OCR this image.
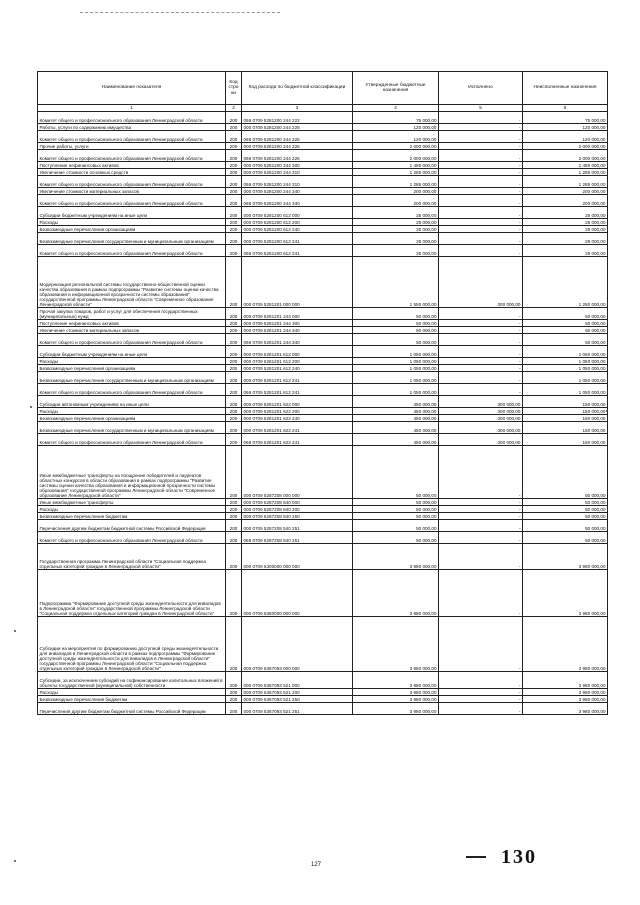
Наименование показателя	Код стро ки	Код расхода по бюджетной классификации	Утвержденные бюджетные назначения	Исполнено	Неисполненные назначения
1	2	3	4	5	6
Комитет общего и профессионального образования Ленинградской области	200	068 0709 5281200 244 222	75 000,00	-	75 000,00
Работы, услуги по содержанию имущества	200	000 0709 5281200 244 225	120 000,00	-	120 000,00
Комитет общего и профессионального образования Ленинградской области	200	068 0709 5281200 244 225	120 000,00	-	120 000,00
Прочие работы, услуги	200	000 0709 5281200 244 226	2 000 000,00	-	2 000 000,00
Комитет общего и профессионального образования Ленинградской области	200	068 0709 5281200 244 226	2 000 000,00	-	2 000 000,00
Поступление нефинансовых активов	200	000 0709 5281200 244 300	1 485 000,00	-	1 485 000,00
Увеличение стоимости основных средств	200	000 0709 5281200 244 310	1 285 000,00	-	1 285 000,00
Комитет общего и профессионального образования Ленинградской области	200	068 0709 5281200 244 310	1 285 000,00	-	1 285 000,00
Увеличение стоимости материальных запасов	200	000 0709 5281200 244 340	200 000,00	-	200 000,00
Комитет общего и профессионального образования Ленинградской области	200	068 0709 5281200 244 340	200 000,00	-	200 000,00
Субсидии бюджетным учреждениям на иные цели	200	000 0709 5281200 612 000	25 000,00	-	25 000,00
Расходы	200	000 0709 5281200 612 200	25 000,00	-	25 000,00
Безвозмездные перечисления организациям	200	000 0709 5281200 612 240	25 000,00	-	25 000,00
Безвозмездные перечисления государственным и муниципальным организациям	200	000 0709 5281200 612 241	25 000,00	-	25 000,00
Комитет общего и профессионального образования Ленинградской области	200	068 0709 5281200 612 241	25 000,00	-	25 000,00
Модернизация региональной системы государственно-общественной оценки качества образования в рамках подпрограммы "Развитие системы оценки качества образования и информационной прозрачности системы образования" государственной программы Ленинградской области "Современное образование Ленинградской области"	200	000 0709 5281201 000 000	1 550 000,00	300 000,00	1 250 000,00
Прочая закупка товаров, работ и услуг для обеспечения государственных (муниципальных) нужд	200	000 0709 5281201 244 000	50 000,00	-	50 000,00
Поступление нефинансовых активов	200	000 0709 5281201 244 300	50 000,00	-	50 000,00
Увеличение стоимости материальных запасов	200	000 0709 5281201 244 340	50 000,00	-	50 000,00
Комитет общего и профессионального образования Ленинградской области	200	068 0709 5281201 244 340	50 000,00	-	50 000,00
Субсидии бюджетным учреждениям на иные цели	200	000 0709 5281201 612 000	1 050 000,00	-	1 050 000,00
Расходы	200	000 0709 5281201 612 200	1 050 000,00	-	1 050 000,00
Безвозмездные перечисления организациям	200	000 0709 5281201 612 240	1 050 000,00	-	1 050 000,00
Безвозмездные перечисления государственным и муниципальным организациям	200	000 0709 5281201 612 241	1 050 000,00	-	1 050 000,00
Комитет общего и профессионального образования Ленинградской области	200	068 0709 5281201 612 241	1 050 000,00	-	1 050 000,00
Субсидии автономным учреждениям на иные цели	200	000 0709 5281201 622 000	450 000,00	300 000,00	150 000,00
Расходы	200	000 0709 5281201 622 200	450 000,00	300 000,00	150 000,00
Безвозмездные перечисления организациям	200	000 0709 5281201 622 240	450 000,00	300 000,00	150 000,00
Безвозмездные перечисления государственным и муниципальным организациям	200	000 0709 5281201 622 241	450 000,00	300 000,00	150 000,00
Комитет общего и профессионального образования Ленинградской области	200	068 0709 5281201 622 241	450 000,00	300 000,00	150 000,00
Иные межбюджетные трансферты на поощрение победителей и лауреатов областных конкурсов в области образования в рамках подпрограммы "Развитие системы оценки качества образования и информационной прозрачности системы образования" государственной программы Ленинградской области "Современное образование Ленинградской области"	200	000 0709 5287208 000 000	50 000,00	-	50 000,00
Иные межбюджетные трансферты	200	000 0709 5287208 540 000	50 000,00	-	50 000,00
Расходы	200	000 0709 5287208 540 200	50 000,00	-	50 000,00
Безвозмездные перечисления бюджетам	200	000 0709 5287208 540 250	50 000,00	-	50 000,00
Перечисления другим бюджетам бюджетной системы Российской Федерации	200	000 0709 5287208 540 251	50 000,00	-	50 000,00
Комитет общего и профессионального образования Ленинградской области	200	068 0709 5287208 540 251	50 000,00	-	50 000,00
Государственная программа Ленинградской области "Социальная поддержка отдельных категорий граждан в Ленинградской области"	200	000 0709 5300000 000 000	3 980 000,00	-	3 980 000,00
Подпрограмма "Формирование доступной среды жизнедеятельности для инвалидов в Ленинградской области" государственной программы Ленинградской области "Социальная поддержка отдельных категорий граждан в Ленинградской области"	200	000 0709 5360000 000 000	3 980 000,00	-	3 980 000,00
Субсидии на мероприятия по формированию доступной среды жизнедеятельности для инвалидов в Ленинградской области в рамках подпрограммы "Формирование доступной среды жизнедеятельности для инвалидов в Ленинградской области" государственной программы Ленинградской области "Социальная поддержка отдельных категорий граждан в Ленинградской области"	200	000 0709 5367093 000 000	3 980 000,00	-	3 980 000,00
Субсидии, за исключением субсидий на софинансирование капитальных вложений в объекты государственной (муниципальной) собственности	200	000 0709 5367093 521 000	3 980 000,00	-	3 980 000,00
Расходы	200	000 0709 5367093 521 200	3 980 000,00	-	3 980 000,00
Безвозмездные перечисления бюджетам	200	000 0709 5367093 521 250	3 980 000,00	-	3 980 000,00
Перечисления другим бюджетам бюджетной системы Российской Федерации	200	000 0709 5367093 521 251	3 980 000,00	-	3 980 000,00
127	130
